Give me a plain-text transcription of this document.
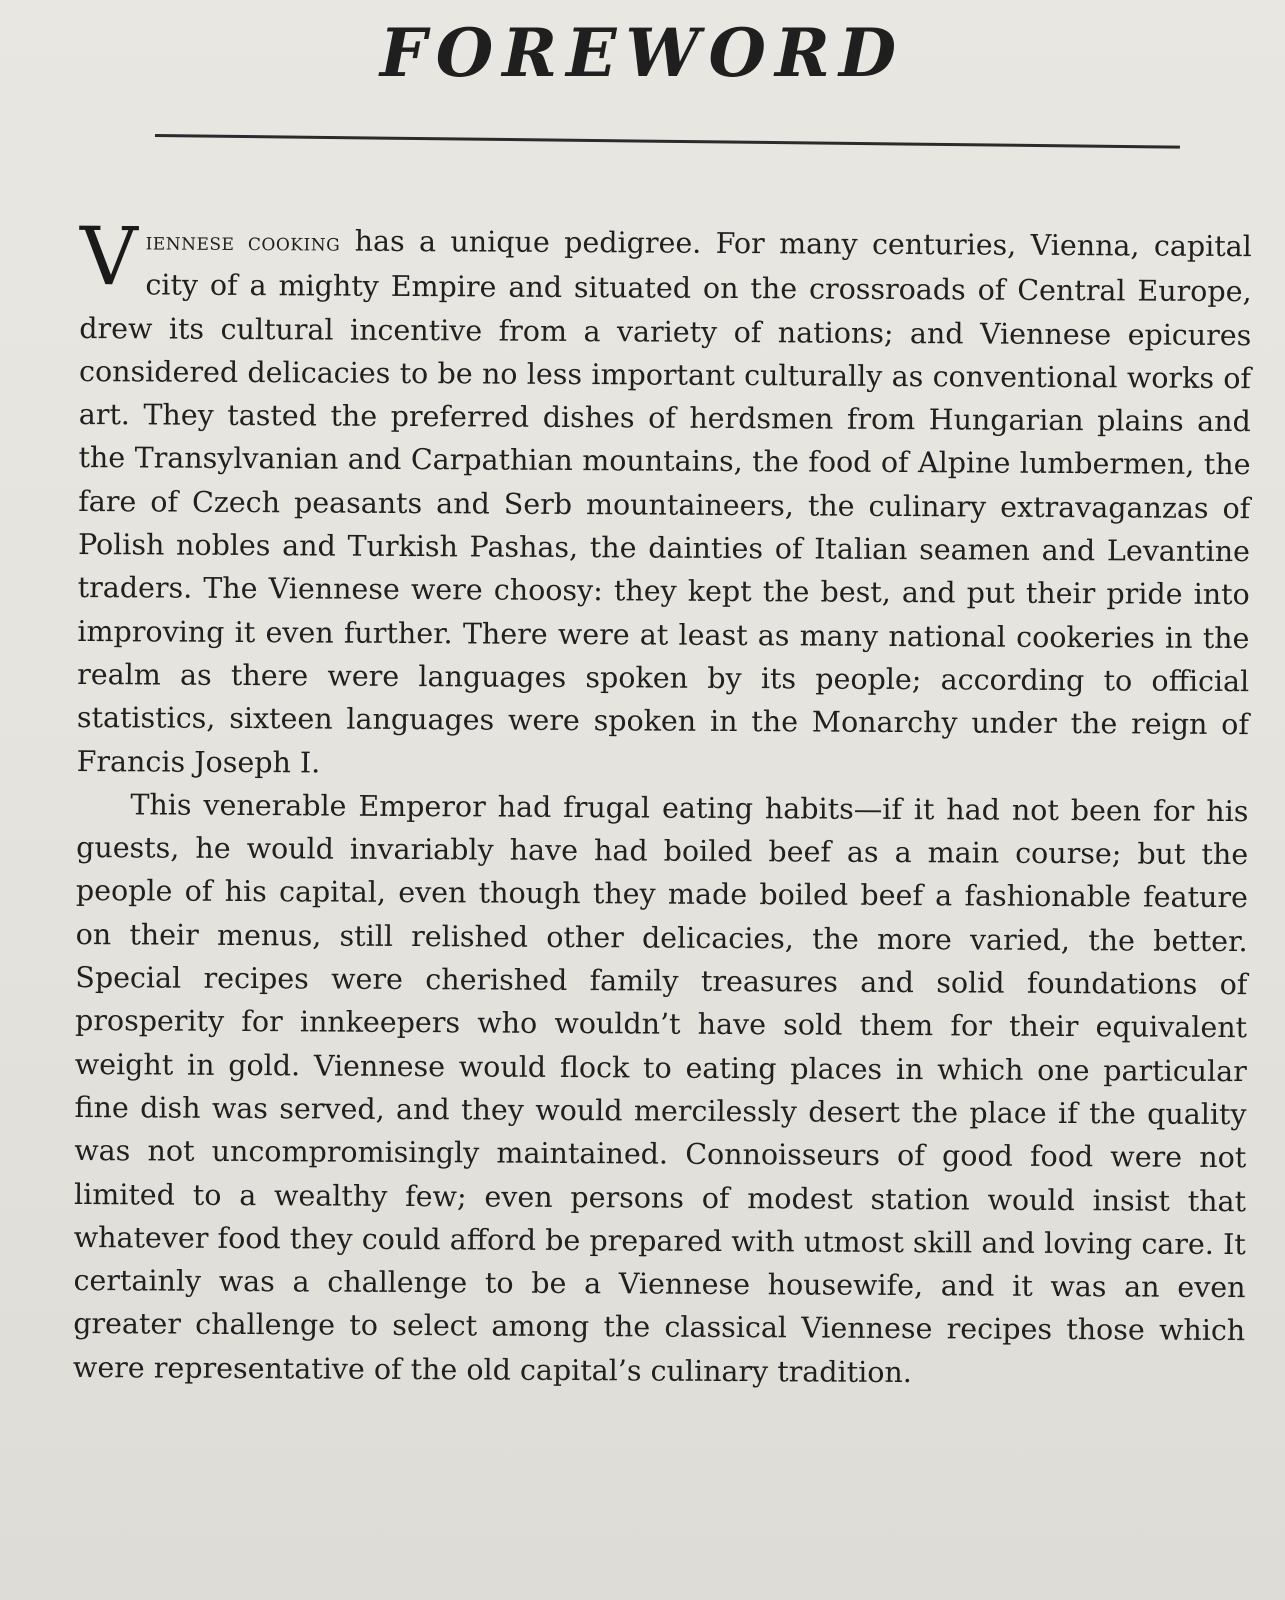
FOREWORD

Viennese cooking has a unique pedigree. For many centuries, Vienna, capital city of a mighty Empire and situated on the crossroads of Central Europe, drew its cultural incentive from a variety of nations; and Viennese epicures considered delicacies to be no less important culturally as conventional works of art. They tasted the preferred dishes of herdsmen from Hungarian plains and the Transylvanian and Carpathian mountains, the food of Alpine lumbermen, the fare of Czech peasants and Serb mountaineers, the culinary extravaganzas of Polish nobles and Turkish Pashas, the dainties of Italian seamen and Levantine traders. The Viennese were choosy: they kept the best, and put their pride into improving it even further. There were at least as many national cookeries in the realm as there were languages spoken by its people; according to official statistics, sixteen languages were spoken in the Monarchy under the reign of Francis Joseph I.

This venerable Emperor had frugal eating habits—if it had not been for his guests, he would invariably have had boiled beef as a main course; but the people of his capital, even though they made boiled beef a fashionable feature on their menus, still relished other delicacies, the more varied, the better. Special recipes were cherished family treasures and solid foundations of prosperity for innkeepers who wouldn’t have sold them for their equivalent weight in gold. Viennese would flock to eating places in which one particular fine dish was served, and they would mercilessly desert the place if the quality was not uncompromisingly maintained. Connoisseurs of good food were not limited to a wealthy few; even persons of modest station would insist that whatever food they could afford be prepared with utmost skill and loving care. It certainly was a challenge to be a Viennese housewife, and it was an even greater challenge to select among the classical Viennese recipes those which were representative of the old capital’s culinary tradition.
